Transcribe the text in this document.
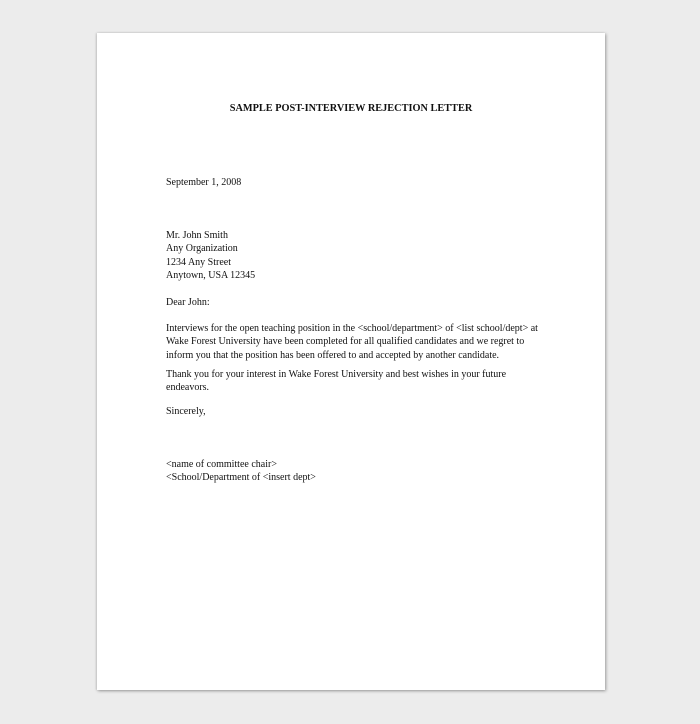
SAMPLE POST-INTERVIEW REJECTION LETTER
September 1, 2008
Mr. John Smith
Any Organization
1234 Any Street
Anytown, USA 12345
Dear John:
Interviews for the open teaching position in the <school/department> of <list school/dept> at
Wake Forest University have been completed for all qualified candidates and we regret to
inform you that the position has been offered to and accepted by another candidate.
Thank you for your interest in Wake Forest University and best wishes in your future
endeavors.
Sincerely,
<name of committee chair>
<School/Department of <insert dept>
